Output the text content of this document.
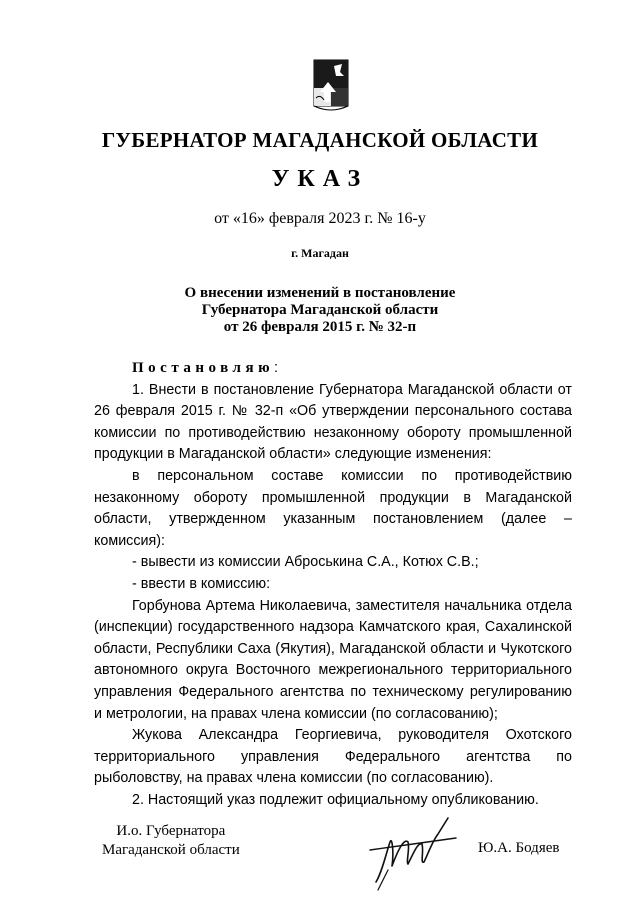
ГУБЕРНАТОР МАГАДАНСКОЙ ОБЛАСТИ
УКАЗ
от «16» февраля 2023 г. № 16-у
г. Магадан
О внесении изменений в постановление
Губернатора Магаданской области
от 26 февраля 2015 г. № 32-п

Постановляю:

1. Внести в постановление Губернатора Магаданской области от 26 февраля 2015 г. № 32-п «Об утверждении персонального состава комиссии по противодействию незаконному обороту промышленной продукции в Магаданской области» следующие изменения:

в персональном составе комиссии по противодействию незаконному обороту промышленной продукции в Магаданской области, утвержденном указанным постановлением (далее – комиссия):

- вывести из комиссии Аброськина С.А., Котюх С.В.;

- ввести в комиссию:

Горбунова Артема Николаевича, заместителя начальника отдела (инспекции) государственного надзора Камчатского края, Сахалинской области, Республики Саха (Якутия), Магаданской области и Чукотского автономного округа Восточного межрегионального территориального управления Федерального агентства по техническому регулированию и метрологии, на правах члена комиссии (по согласованию);

Жукова Александра Георгиевича, руководителя Охотского территориального управления Федерального агентства по рыболовству, на правах члена комиссии (по согласованию).

2. Настоящий указ подлежит официальному опубликованию.

И.о. Губернатора
Магаданской области	Ю.А. Бодяев
